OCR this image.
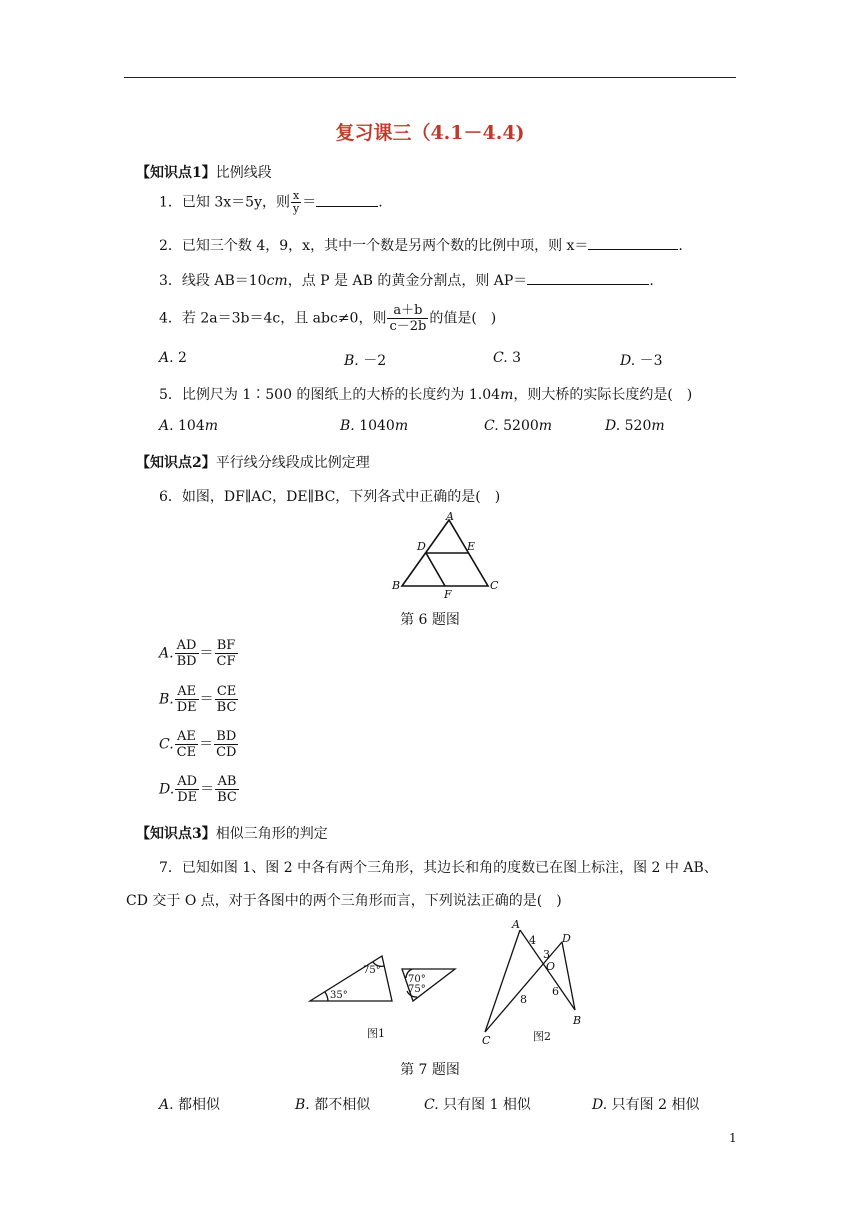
复习课三（4.1－4.4)
【知识点1】比例线段
1．已知 3x＝5y，则 $\frac{x}{y}$ ＝	.
2．已知三个数 4，9，x，其中一个数是另两个数的比例中项，则 x＝	.
3．线段 AB＝10cm，点 P 是 AB 的黄金分割点，则 AP＝	.
4．若 2a＝3b＝4c，且 abc≠0，则 $\frac{a+b}{c-2b}$ 的值是(　)
A. 2	B. －2	C. 3	D. －3
5．比例尺为 1∶500 的图纸上的大桥的长度约为 1.04m，则大桥的实际长度约是(　)
A. 104m	B. 1040m	C. 5200m	D. 520m
【知识点2】平行线分线段成比例定理
6．如图，DF∥AC，DE∥BC，下列各式中正确的是(　)
A
B	C
D	E
F
第 6 题图
A. $\frac{AD}{BD} = \frac{BF}{CF}$
B. $\frac{AE}{DE} = \frac{CE}{BC}$
C. $\frac{AE}{CE} = \frac{BD}{CD}$
D. $\frac{AD}{DE} = \frac{AB}{BC}$
【知识点3】相似三角形的判定
7．已知如图 1、图 2 中各有两个三角形，其边长和角的度数已在图上标注，图 2 中 AB、
CD 交于 O 点，对于各图中的两个三角形而言，下列说法正确的是(　)
75°
35°
70°
75°
图1
A
D
O
B
C
4
3
6
8
图2
第 7 题图
A. 都相似	B. 都不相似	C. 只有图 1 相似	D. 只有图 2 相似
1
